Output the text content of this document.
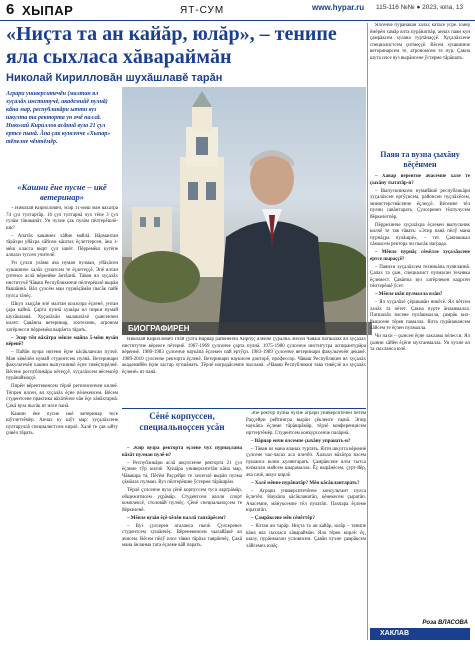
6 ХЫПАР	ЯТ-СУМ	www.hypar.ru 115-116 №№ ● 2023, юпа, 13
«Ниçта та ан кайăр, юлăр», – тенипе яла сыхласа хăвараймăн
Николай Кирилловăн шухăшлавĕ тарăн
Аграри университечĕн (малтан ял хуçалăх институчĕ, академийĕ пулнă) кăна мар, республикăри ытти вуз шкулта та ректорта ун ячĕ паллă. Николай Кириллов асăннă вуза 21 çул ертсе пынă. Ăна çак кунсенче «Хыпар» тĕпелне чĕнтĕмĕр.
«Кашни ĕне пусне – икĕ ветеринар»

– Николай Кириллович, эсир 11-мĕш ман вăхăтра 74 çул тултартăр. 16 çул тултарнă чух тĕпе 3 çул сулăм тăнаканăт. Ун чухне çак пулăм пĕлтерĕшлĕ-ши?

– Апатăх кашниех хăйне майлă. Вăрмантан тăрăхри уйăхра хăйсем кăштах ĕçлеттерсен, ăна 1-мĕш класса вырт çул ишĕт. Пĕрремĕш кутĕпе алпахи туссен учителĕ.

Ун çулхи улăми ача нуман пулман, уйăхăсен хушшинче халăх çунатсем те ĕçлетеççĕ. Эпĕ ялтан çитенсе аслă вĕренĕве ăнтăлнă. Тăван ял хуçалăх институчĕ Чăваш Республикинче пĕлтерĕшлĕ вырăн йышăннă. Вăл çулсем ман пурнăçăмăн пысăк пайĕ пулса тăчĕç.

Шкул хыççăн эпĕ малтан колхозра ĕçленĕ, унтан çара кайнă. Çарта пулнă хушăра ял пирки нумай шухăшланă. Хуçалăхăн малашлăхĕ çынсенчен килет. Çавăнпа ветеринар, зоотехник, агроном хатĕрлесси пĕрремĕш вырăнта тăрать.

– Эсир тĕп вăхăтра мĕнле майпа 5-мĕш вузăн вĕренĕ?

– Пайăн вузра ингени ĕçне кăсăклансан пулчĕ. Ман кĕвĕлĕн нумай студентсем пулнă. Ветеринари факультечĕн кашни выпускникĕ ĕçпе тивĕçтерĕлнĕ. Вĕсене республикăра кĕтеççĕ, хуçалăхсем вĕсемсĕр пурăнаймаççĕ.

Пирĕн вĕрентекенсем тĕрлĕ регионсенчен килнĕ. Тĕпрен илсен, ял хуçалăх ĕçне пĕлекенсем. Вĕсем студентсене практика вăхăтĕнче чăн ĕçе хăнăхтарнă. Çакă вуза пысăк ят илсе панă.

Кашни ĕне пусне икĕ ветеринар тесе шӳтлеттĕмĕр. Анчах ку шӳт мар: хуçалăхсене пултаруллă специалистсем кирлĕ. Халĕ те çав ыйту çивĕч тăрать.

БИОГРАФИРЕН

Николай Кириллович 1948 çулта Вăрнар районĕнчи Хирпуç ялĕнче çуралнă. Вĕсен Чăваш патшалăх ял хуçалăх институтне вĕренсе пĕтернĕ. 1967-1969 çулсенче çарта пулнă. 1975-1980 çулсенче институтра аспирантурăра вĕреннĕ. 1980-1983 çулсенче наукăпа ĕçлекен пай ертӳçи. 1983-1989 çулсенче ветеринари факультечĕн деканĕ. 1989-2010 çулсенче ректорта ĕçленĕ. Ветеринари наукисен докторĕ, профессор. Чăваш Республикин ял хуçалăх академийĕн ĕçне хастар хутшăнать. Тĕрлĕ наградăсемпе чысланă. «Чăваш Республикин тава тивĕçлĕ ял хуçалăх ĕçченĕ» ят панă.

Сĕнĕ корпуссен, специальноçсен усăн

– Эсир вузра ректорта ĕçленĕ чух пурнăçлама вăхăт пулман пулĕ-и?

– Республикăри аслă шкулсенче ректорта 21 çул ĕçлеме тӳр килчĕ. Хушăра университетăн кăна мар, Чăвашра та, Пĕтĕм Раççейре те хисеплĕ вырăн пулма çăмăлах пулман. Вуз пĕлтерĕшне ӳстерме тăрăшрăм.

Тĕрлĕ çулсенче вуза çĕнĕ корпуссем туса лартрăмăр, общежитисем уçрăмăр. Студентсем валли спорт комплексĕ, столовăй пулчĕç. Çĕнĕ специальноçсем те йĕркеленĕ.

– Мĕнле вузăн ĕçĕ-хĕлĕн паллă тапхăрĕсем?

– Вуз çулсерен аталанса пычĕ. Çулсеренех студентсем хушăнчĕç. Вĕренекенсем чылайăшĕ ял ачисем. Вĕсем пĕлӳ илсе тăван тăрăха таврăнчĕç. Çакă мана ăнланма тата ĕçлеме вăй парать.

Эпĕ ректор пулнă чухне аграри университечĕн пĕтĕм Раççейри рейтингра вырăн çĕкленсе пынă. Эпир наукăпа ĕçлеме тăрăшрăмăр, тĕрлĕ конференцисем ирттертĕмĕр. Студентсем конкурссенче палăрнă.

– Вăрнар енчи ялсемпе çыхăну упранать-и?

– Тăван ял мана яланах туртать. Ялти шкулта вĕреннĕ çулсене час-часах аса илетĕп. Хальхи вăхăтра ялсем пушанса юлни кулянтарать. Çамрăксене ялта тытса юлмалли майсем шырамалла. Ĕç вырăнĕсем, çурт-йĕр, ача сачĕ, шкул кирлĕ.

– Халĕ мĕнпе пурăнатăр? Мĕн кăсăклантарать?

– Аграри университетĕнче консультант пулса ĕçлетĕп. Наукăпа кăсăкланатăп, кĕнекесем çыратăп. Ачасемпе, мăнуксемпе тĕл пулатăп. Пахчара ĕçлеме юрататăп.

– Çамрăксене мĕн сĕнĕттĕр?

– Ялтан ан тарăр. Ниçта та ан кайăр, юлăр – тенипе кăна яла сыхласа хăвараймăн. Яла тĕрек кирлĕ: ĕç, шалу, пурăнмалли условисем. Çавăн чухне çамрăксем хăйсемех юлĕç.

Ялсенче пурăнакан халăх катасĕ ӳсрĕ. Ĕмĕр ĕмĕрĕн хамăр ялта пурăнатпăр, анчах паян кун çамрăксем хулана туртăнаççĕ. Хуçалăхсене специалистсем çитмеççĕ. Вĕсем хушшинче ветеринарсем те, агрономсем те пур. Çакна шута илсе вуз вырăнсене ӳстерме тăрăшать.

Паян та вузпа çыхăну вĕçĕнмен

– Хăвăр вĕрентнĕ ачасемпе халĕ те çыхăну тытатăр-и?

– Выпускниксем нумайăшĕ республикăри хуçалăхсен ертӳçисем, районсен пуçлăхĕсем, министерствăсенче ĕçлеççĕ. Вĕсемпе тĕл пулни савăнтарать. Çулсеренех тĕлпулусем йĕркелетпĕр.

Пĕррехинче хуçалăхра ĕçлекен выпускник килчĕ те тав тăвать: «Эсир панă пĕлӳ мана пурнăçра пулăшрĕ», – тет. Çакнашкал сăмахсем ректора чи пысăк награда.

– Мĕнле пурнăç сĕмĕлле хуçалăхсене ертсе пыраççĕ?

– Паянхи хуçалăхсем техникăпа пуянланнă. Çапах та çын, специалист пулмасан техника ĕçлемест. Çавăнпа вуз хатĕрлекен кадрсен пĕлтерĕшĕ ӳсет.

– Мĕнле шăп пулмалла ялăн?

– Ял хуçалăхĕ çĕршывăн никĕсĕ. Ял пĕтсен халăх та пĕтет. Çакна пурте ăнланмалла. Патшалăх ялсене пулăшмалла, çамрăк кил-йышсене тĕрев памалла. Ялта пурăнакансем хăйсем те ĕçчен пулмалла.

Чи пахи – çынсен ĕçне хаклама пĕлесси. Ял çынни хăйĕн ĕçĕпе мухтанмалла. Ун чухне ял та сыхланса юлĕ.

Роза ВЛАСОВА
ХАКЛАВ
